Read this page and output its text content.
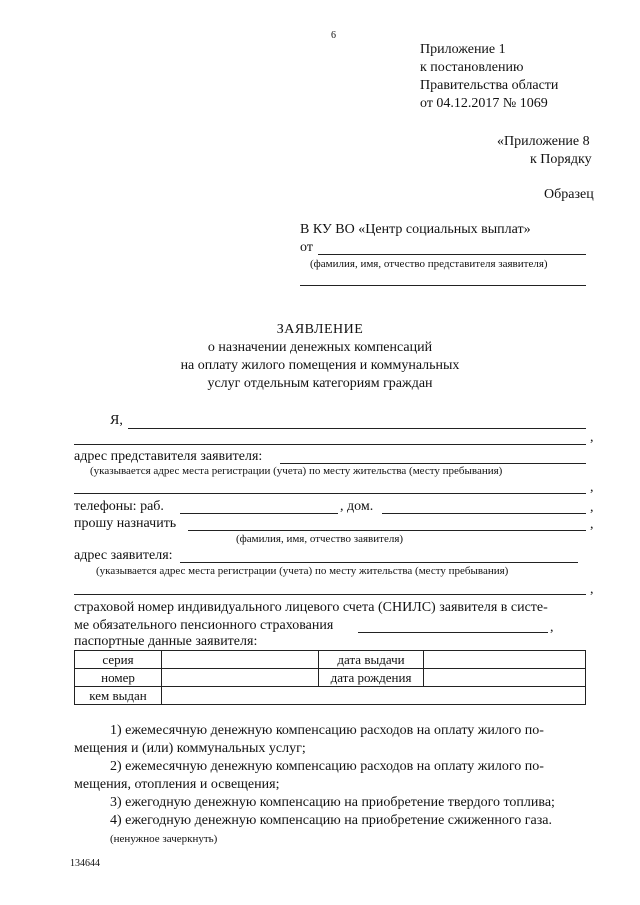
6
Приложение 1
к постановлению
Правительства области
от 04.12.2017 № 1069
«Приложение 8
к Порядку
Образец
В КУ ВО «Центр социальных выплат»
от
(фамилия, имя, отчество представителя заявителя)
ЗАЯВЛЕНИЕ
о назначении денежных компенсаций
на оплату жилого помещения и коммунальных
услуг отдельным категориям граждан
Я,
,
адрес представителя заявителя:
(указывается адрес места регистрации (учета) по месту жительства (месту пребывания)
,
телефоны: раб.	, дом.	,
прошу назначить	,
(фамилия, имя, отчество заявителя)
адрес заявителя:
(указывается адрес места регистрации (учета) по месту жительства (месту пребывания)
,
страховой номер индивидуального лицевого счета (СНИЛС) заявителя в систе-
ме обязательного пенсионного страхования	,
паспортные данные заявителя:
серия		дата выдачи	
номер		дата рождения	
кем выдан			
1) ежемесячную денежную компенсацию расходов на оплату жилого по-
мещения и (или) коммунальных услуг;
2) ежемесячную денежную компенсацию расходов на оплату жилого по-
мещения, отопления и освещения;
3) ежегодную денежную компенсацию на приобретение твердого топлива;
4) ежегодную денежную компенсацию на приобретение сжиженного газа.
(ненужное зачеркнуть)
134644
